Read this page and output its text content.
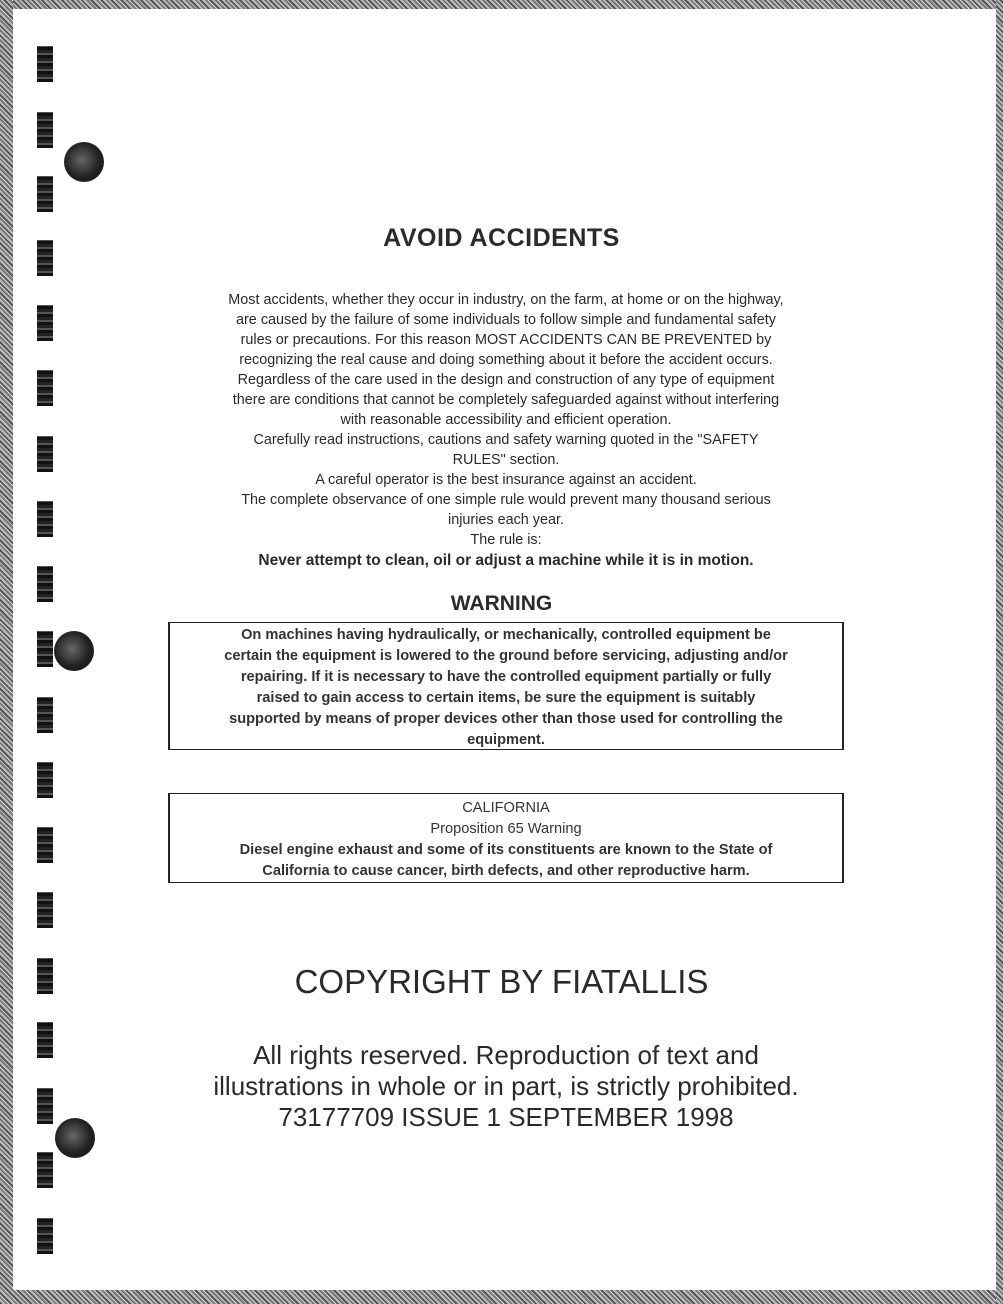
AVOID ACCIDENTS
Most accidents, whether they occur in industry, on the farm, at home or on the highway,
are caused by the failure of some individuals to follow simple and fundamental safety
rules or precautions. For this reason MOST ACCIDENTS CAN BE PREVENTED by
recognizing the real cause and doing something about it before the accident occurs.
Regardless of the care used in the design and construction of any type of equipment
there are conditions that cannot be completely safeguarded against without interfering
with reasonable accessibility and efficient operation.
Carefully read instructions, cautions and safety warning quoted in the "SAFETY
RULES" section.
A careful operator is the best insurance against an accident.
The complete observance of one simple rule would prevent many thousand serious
injuries each year.
The rule is:
Never attempt to clean, oil or adjust a machine while it is in motion.
WARNING
On machines having hydraulically, or mechanically, controlled equipment be
certain the equipment is lowered to the ground before servicing, adjusting and/or
repairing. If it is necessary to have the controlled equipment partially or fully
raised to gain access to certain items, be sure the equipment is suitably
supported by means of proper devices other than those used for controlling the
equipment.
CALIFORNIA
Proposition 65 Warning
Diesel engine exhaust and some of its constituents are known to the State of
California to cause cancer, birth defects, and other reproductive harm.
COPYRIGHT BY FIATALLIS
All rights reserved. Reproduction of text and
illustrations in whole or in part, is strictly prohibited.
73177709 ISSUE 1 SEPTEMBER 1998
